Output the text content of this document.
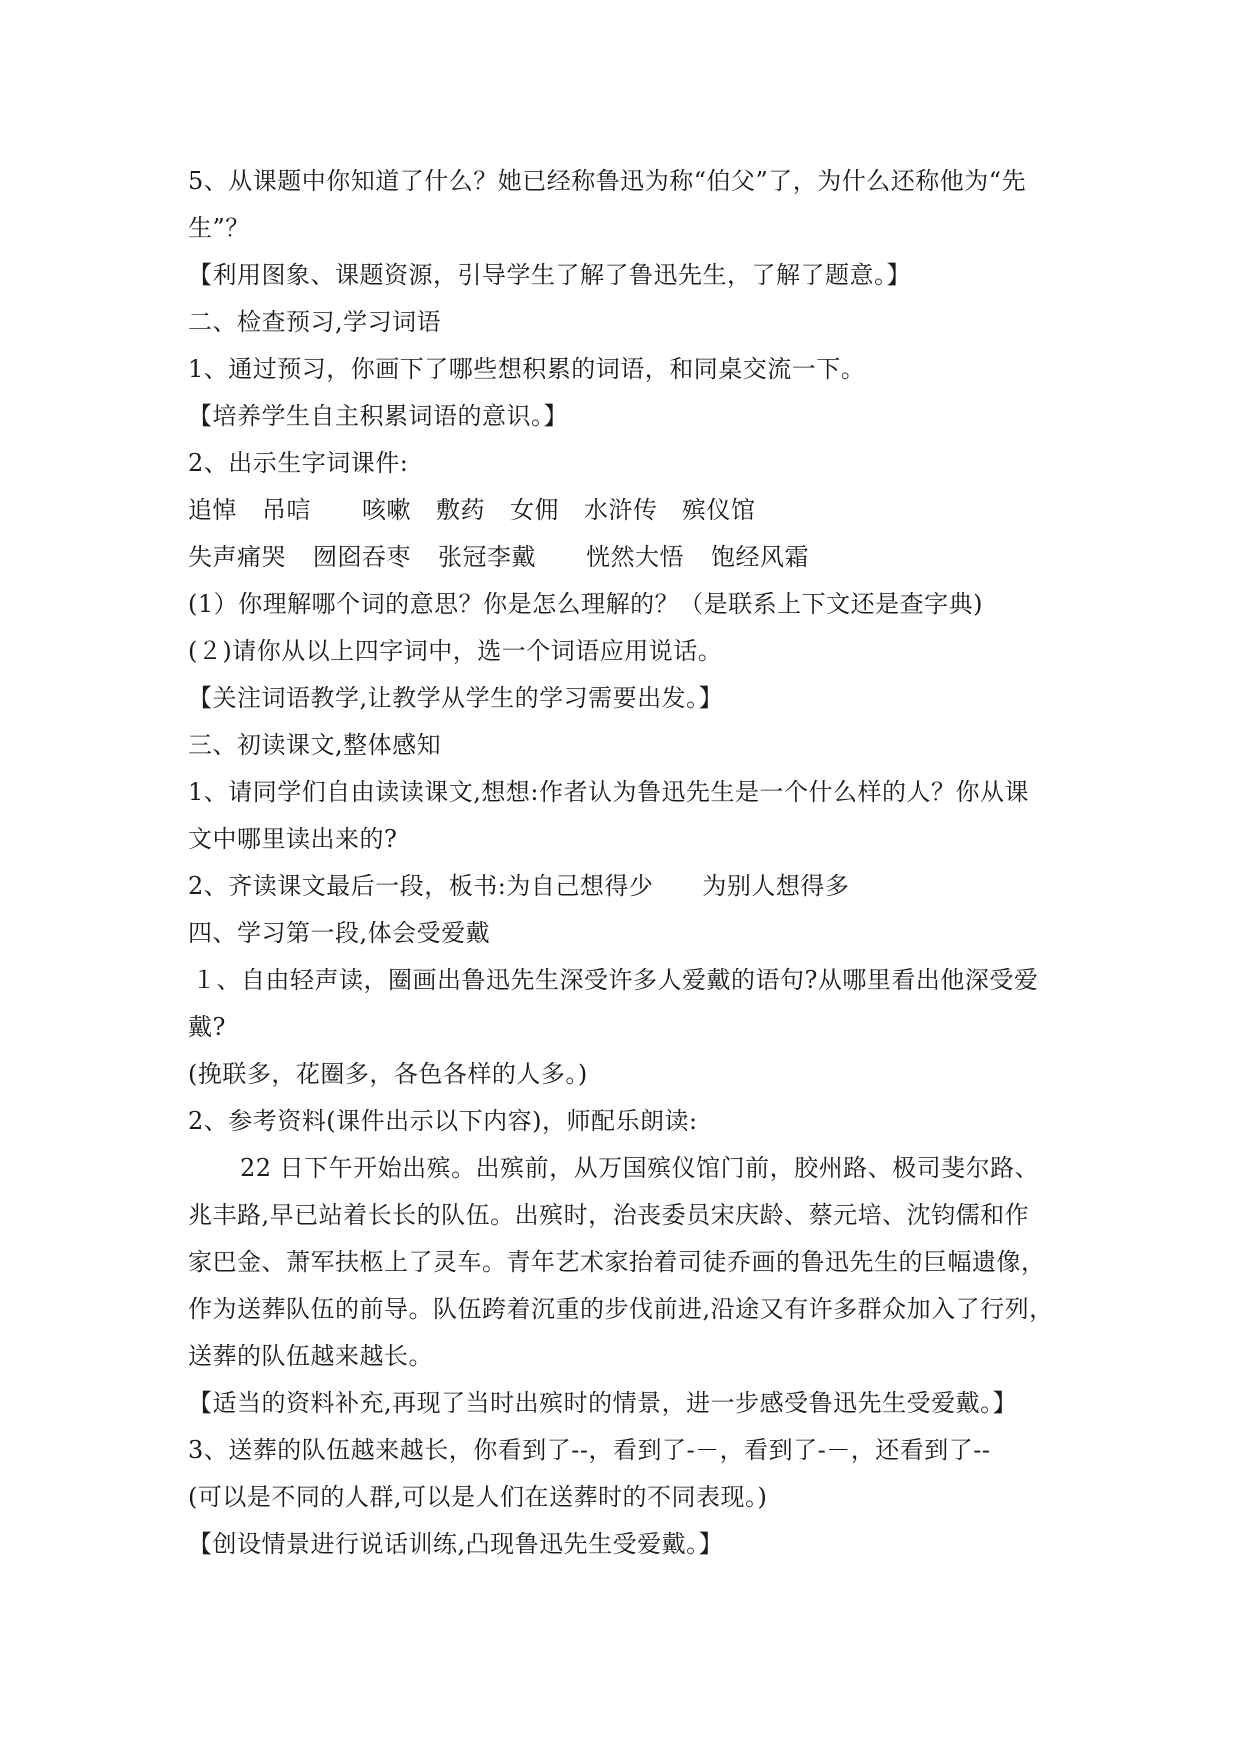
5、从课题中你知道了什么？她已经称鲁迅为称“伯父”了，为什么还称他为“先
生”？
【利用图象、课题资源，引导学生了解了鲁迅先生，了解了题意。】
二、检查预习,学习词语
1、通过预习，你画下了哪些想积累的词语，和同桌交流一下。
【培养学生自主积累词语的意识。】
2、出示生字词课件:
追悼	吊唁	咳嗽	敷药	女佣	水浒传	殡仪馆
失声痛哭	囫囵吞枣	张冠李戴	恍然大悟	饱经风霜
(1）你理解哪个词的意思？你是怎么理解的？（是联系上下文还是查字典)
(２)请你从以上四字词中，选一个词语应用说话。
【关注词语教学,让教学从学生的学习需要出发。】
三、初读课文,整体感知
1、请同学们自由读读课文,想想:作者认为鲁迅先生是一个什么样的人？你从课
文中哪里读出来的?
2、齐读课文最后一段，板书:为自己想得少　　为别人想得多
四、学习第一段,体会受爱戴
１、自由轻声读，圈画出鲁迅先生深受许多人爱戴的语句?从哪里看出他深受爱
戴?
(挽联多，花圈多，各色各样的人多。)
2、参考资料(课件出示以下内容)，师配乐朗读:
22 日下午开始出殡。出殡前，从万国殡仪馆门前，胶州路、极司斐尔路、
兆丰路,早已站着长长的队伍。出殡时，治丧委员宋庆龄、蔡元培、沈钧儒和作
家巴金、萧军扶柩上了灵车。青年艺术家抬着司徒乔画的鲁迅先生的巨幅遗像，
作为送葬队伍的前导。队伍跨着沉重的步伐前进,沿途又有许多群众加入了行列，
送葬的队伍越来越长。
【适当的资料补充,再现了当时出殡时的情景，进一步感受鲁迅先生受爱戴。】
3、送葬的队伍越来越长，你看到了--，看到了-－，看到了-－，还看到了--
(可以是不同的人群,可以是人们在送葬时的不同表现。)
【创设情景进行说话训练,凸现鲁迅先生受爱戴。】
